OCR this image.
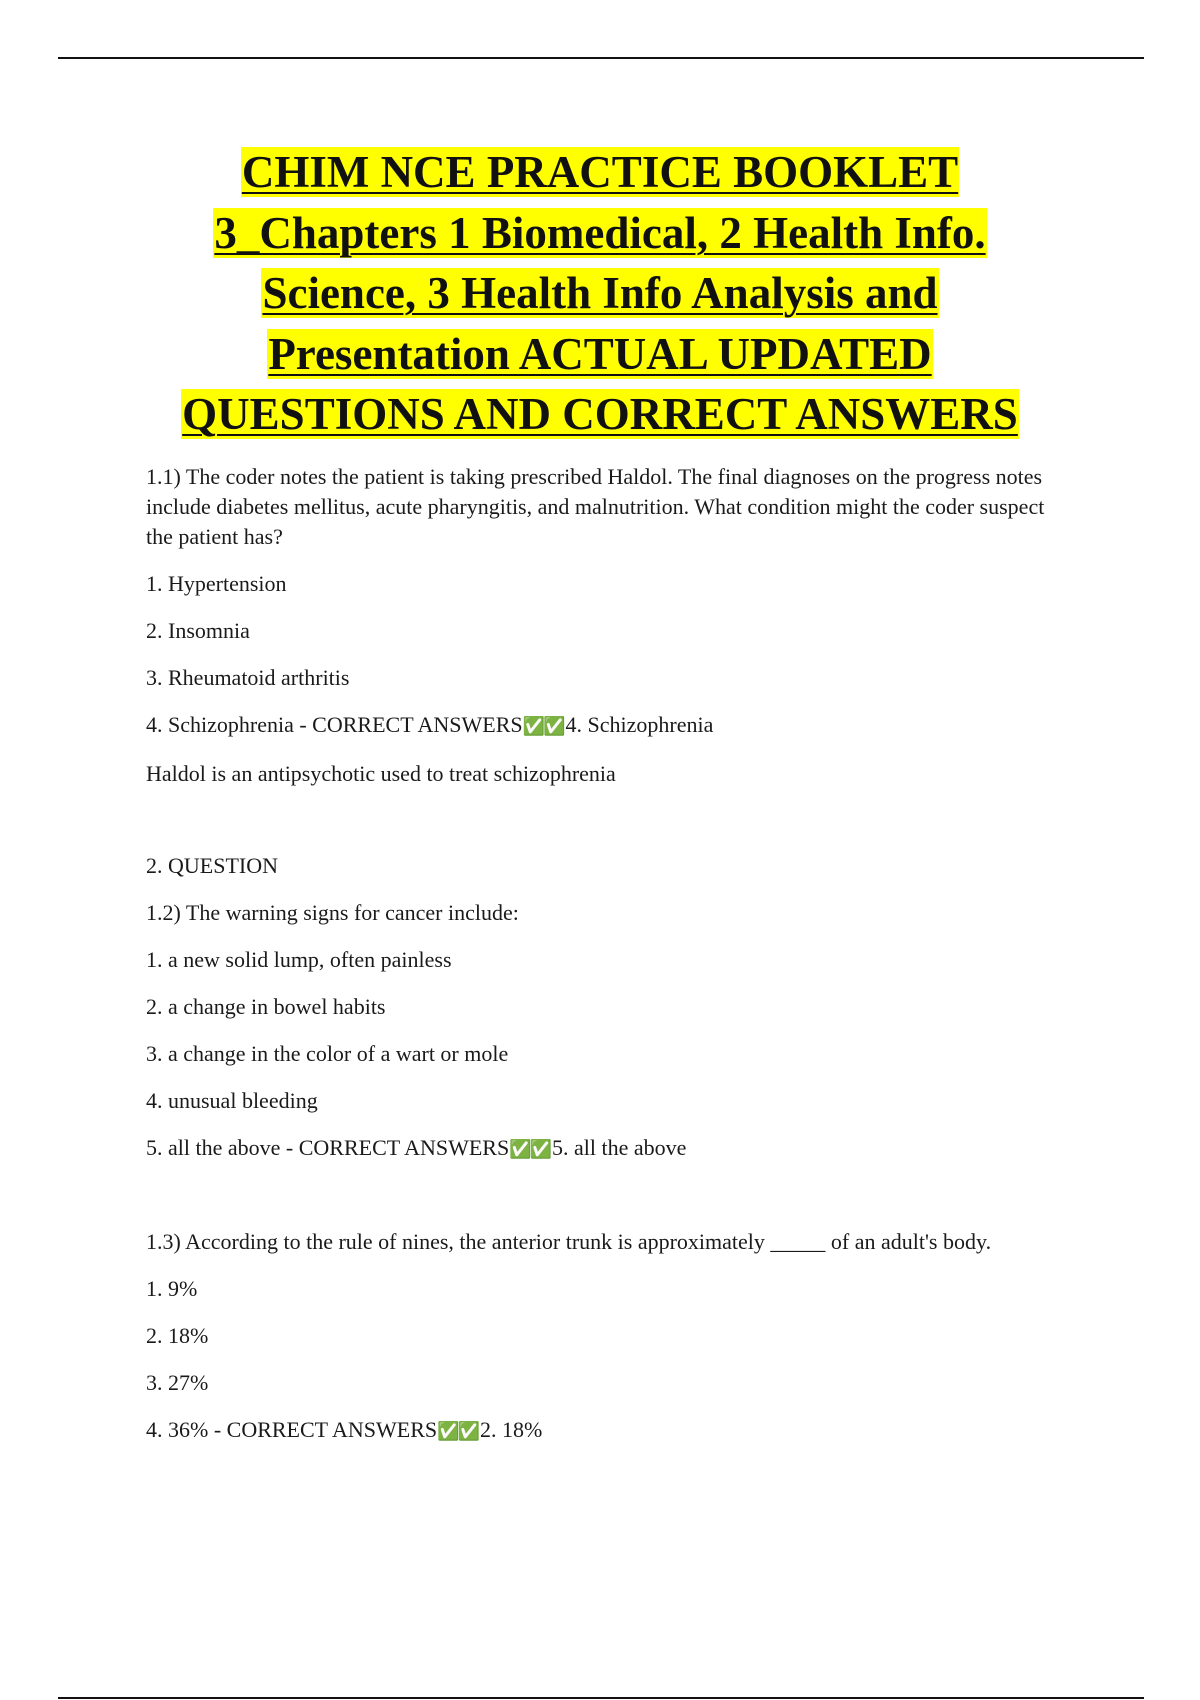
CHIM NCE PRACTICE BOOKLET
3_Chapters 1 Biomedical, 2 Health Info.
Science, 3 Health Info Analysis and
Presentation ACTUAL UPDATED
QUESTIONS AND CORRECT ANSWERS

1.1) The coder notes the patient is taking prescribed Haldol. The final diagnoses on the progress notes include diabetes mellitus, acute pharyngitis, and malnutrition. What condition might the coder suspect the patient has?

1. Hypertension

2. Insomnia

3. Rheumatoid arthritis

4. Schizophrenia - CORRECT ANSWERS✅✅4. Schizophrenia

Haldol is an antipsychotic used to treat schizophrenia

2. QUESTION

1.2) The warning signs for cancer include:

1. a new solid lump, often painless

2. a change in bowel habits

3. a change in the color of a wart or mole

4. unusual bleeding

5. all the above - CORRECT ANSWERS✅✅5. all the above

1.3) According to the rule of nines, the anterior trunk is approximately _____ of an adult's body.

1. 9%

2. 18%

3. 27%

4. 36% - CORRECT ANSWERS✅✅2. 18%
